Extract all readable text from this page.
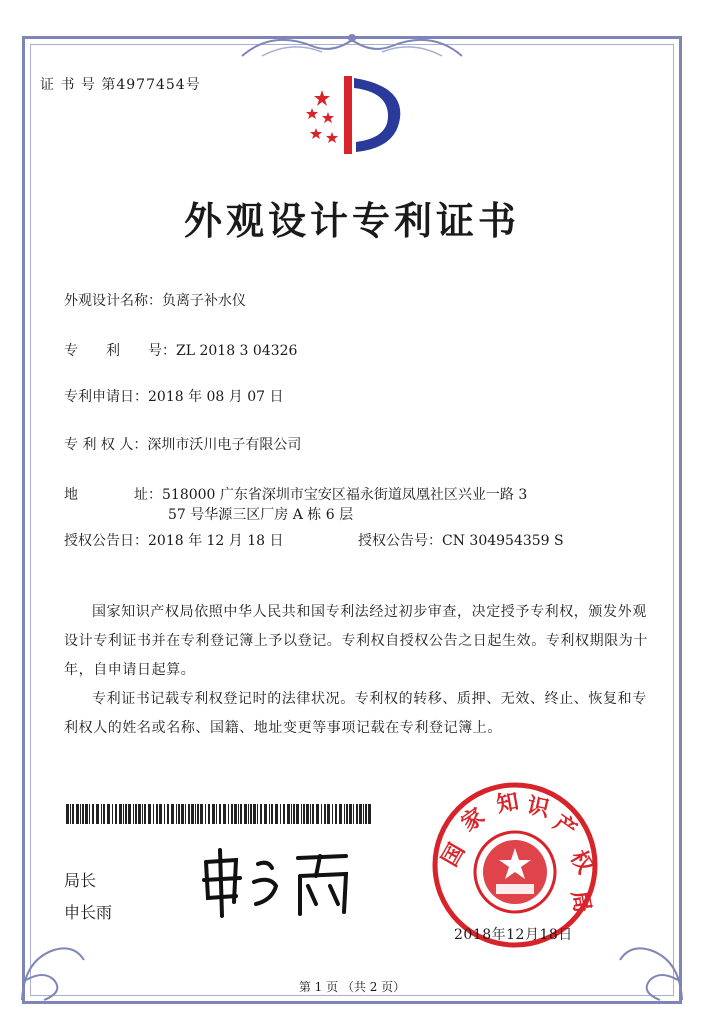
证 书 号 第4977454号
外观设计专利证书
外观设计名称：负离子补水仪
专　　利　　号：ZL 2018 3 04326
专利申请日：2018 年 08 月 07 日
专 利 权 人：深圳市沃川电子有限公司
地　　　　址：518000 广东省深圳市宝安区福永街道凤凰社区兴业一路 3
57 号华源三区厂房 A 栋 6 层
授权公告日：2018 年 12 月 18 日	授权公告号：CN 304954359 S

国家知识产权局依照中华人民共和国专利法经过初步审查，决定授予专利权，颁发外观设计专利证书并在专利登记簿上予以登记。专利权自授权公告之日起生效。专利权期限为十年，自申请日起算。

专利证书记载专利权登记时的法律状况。专利权的转移、质押、无效、终止、恢复和专利权人的姓名或名称、国籍、地址变更等事项记载在专利登记簿上。

局长
申长雨
国
家 知 识
产
权
局
2018年12月18日
第 1 页 （共 2 页）
